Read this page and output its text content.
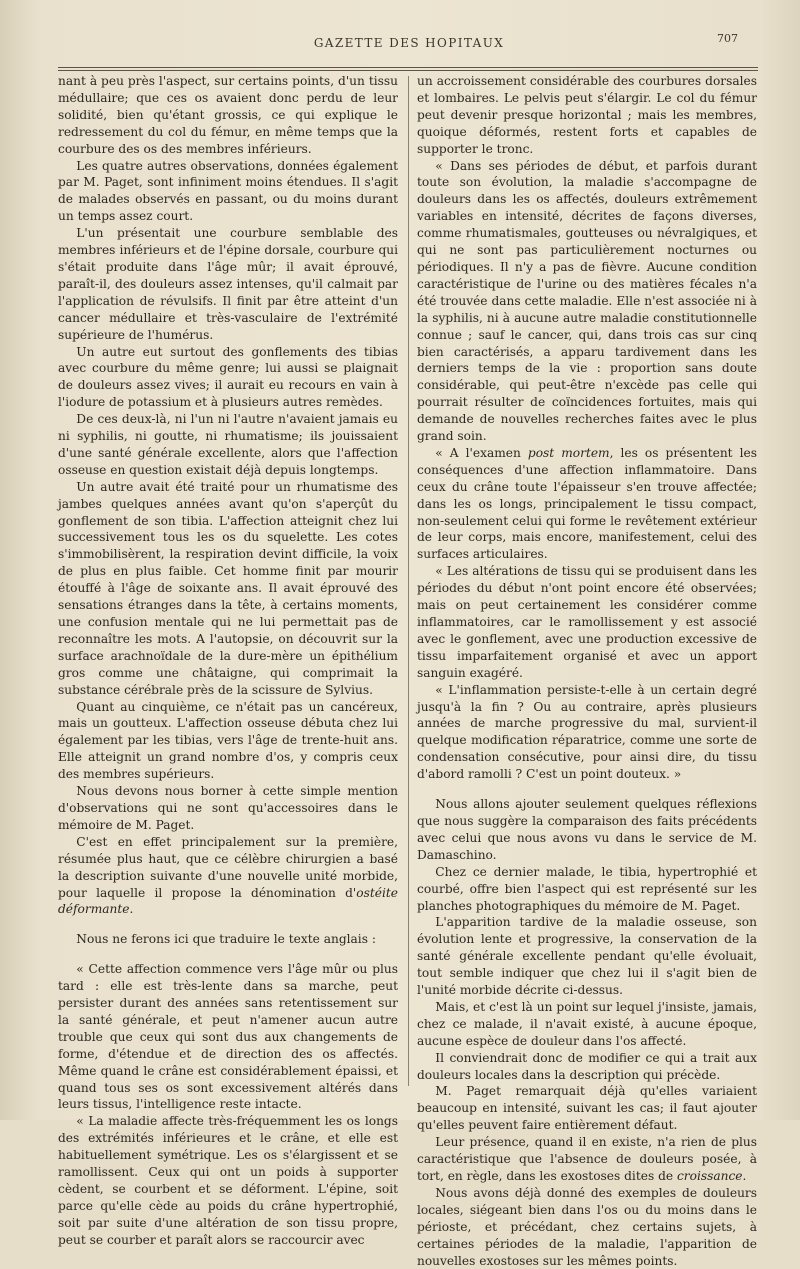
GAZETTE DES HOPITAUX	707

nant à peu près l'aspect, sur certains points, d'un tissu médullaire; que ces os avaient donc perdu de leur solidité, bien qu'étant grossis, ce qui explique le redressement du col du fémur, en même temps que la courbure des os des membres inférieurs.

Les quatre autres observations, données également par M. Paget, sont infiniment moins étendues. Il s'agit de malades observés en passant, ou du moins durant un temps assez court.

L'un présentait une courbure semblable des membres inférieurs et de l'épine dorsale, courbure qui s'était produite dans l'âge mûr; il avait éprouvé, paraît-il, des douleurs assez intenses, qu'il calmait par l'application de révulsifs. Il finit par être atteint d'un cancer médullaire et très-vasculaire de l'extrémité supérieure de l'humérus.

Un autre eut surtout des gonflements des tibias avec courbure du même genre; lui aussi se plaignait de douleurs assez vives; il aurait eu recours en vain à l'iodure de potassium et à plusieurs autres remèdes.

De ces deux-là, ni l'un ni l'autre n'avaient jamais eu ni syphilis, ni goutte, ni rhumatisme; ils jouissaient d'une santé générale excellente, alors que l'affection osseuse en question existait déjà depuis longtemps.

Un autre avait été traité pour un rhumatisme des jambes quelques années avant qu'on s'aperçût du gonflement de son tibia. L'affection atteignit chez lui successivement tous les os du squelette. Les cotes s'immobilisèrent, la respiration devint difficile, la voix de plus en plus faible. Cet homme finit par mourir étouffé à l'âge de soixante ans. Il avait éprouvé des sensations étranges dans la tête, à certains moments, une confusion mentale qui ne lui permettait pas de reconnaître les mots. A l'autopsie, on découvrit sur la surface arachnoïdale de la dure-mère un épithélium gros comme une châtaigne, qui comprimait la substance cérébrale près de la scissure de Sylvius.

Quant au cinquième, ce n'était pas un cancéreux, mais un goutteux. L'affection osseuse débuta chez lui également par les tibias, vers l'âge de trente-huit ans. Elle atteignit un grand nombre d'os, y compris ceux des membres supérieurs.

Nous devons nous borner à cette simple mention d'observations qui ne sont qu'accessoires dans le mémoire de M. Paget.

C'est en effet principalement sur la première, résumée plus haut, que ce célèbre chirurgien a basé la description suivante d'une nouvelle unité morbide, pour laquelle il propose la dénomination d'ostéite déformante.

Nous ne ferons ici que traduire le texte anglais :

« Cette affection commence vers l'âge mûr ou plus tard : elle est très-lente dans sa marche, peut persister durant des années sans retentissement sur la santé générale, et peut n'amener aucun autre trouble que ceux qui sont dus aux changements de forme, d'étendue et de direction des os affectés. Même quand le crâne est considérablement épaissi, et quand tous ses os sont excessivement altérés dans leurs tissus, l'intelligence reste intacte.

« La maladie affecte très-fréquemment les os longs des extrémités inférieures et le crâne, et elle est habituellement symétrique. Les os s'élargissent et se ramollissent. Ceux qui ont un poids à supporter cèdent, se courbent et se déforment. L'épine, soit parce qu'elle cède au poids du crâne hypertrophié, soit par suite d'une altération de son tissu propre, peut se courber et paraît alors se raccourcir avec

un accroissement considérable des courbures dorsales et lombaires. Le pelvis peut s'élargir. Le col du fémur peut devenir presque horizontal ; mais les membres, quoique déformés, restent forts et capables de supporter le tronc.

« Dans ses périodes de début, et parfois durant toute son évolution, la maladie s'accompagne de douleurs dans les os affectés, douleurs extrêmement variables en intensité, décrites de façons diverses, comme rhumatismales, goutteuses ou névralgiques, et qui ne sont pas particulièrement nocturnes ou périodiques. Il n'y a pas de fièvre. Aucune condition caractéristique de l'urine ou des matières fécales n'a été trouvée dans cette maladie. Elle n'est associée ni à la syphilis, ni à aucune autre maladie constitutionnelle connue ; sauf le cancer, qui, dans trois cas sur cinq bien caractérisés, a apparu tardivement dans les derniers temps de la vie : proportion sans doute considérable, qui peut-être n'excède pas celle qui pourrait résulter de coïncidences fortuites, mais qui demande de nouvelles recherches faites avec le plus grand soin.

« A l'examen post mortem, les os présentent les conséquences d'une affection inflammatoire. Dans ceux du crâne toute l'épaisseur s'en trouve affectée; dans les os longs, principalement le tissu compact, non-seulement celui qui forme le revêtement extérieur de leur corps, mais encore, manifestement, celui des surfaces articulaires.

« Les altérations de tissu qui se produisent dans les périodes du début n'ont point encore été observées; mais on peut certainement les considérer comme inflammatoires, car le ramollissement y est associé avec le gonflement, avec une production excessive de tissu imparfaitement organisé et avec un apport sanguin exagéré.

« L'inflammation persiste-t-elle à un certain degré jusqu'à la fin ? Ou au contraire, après plusieurs années de marche progressive du mal, survient-il quelque modification réparatrice, comme une sorte de condensation consécutive, pour ainsi dire, du tissu d'abord ramolli ? C'est un point douteux. »

Nous allons ajouter seulement quelques réflexions que nous suggère la comparaison des faits précédents avec celui que nous avons vu dans le service de M. Damaschino.

Chez ce dernier malade, le tibia, hypertrophié et courbé, offre bien l'aspect qui est représenté sur les planches photographiques du mémoire de M. Paget.

L'apparition tardive de la maladie osseuse, son évolution lente et progressive, la conservation de la santé générale excellente pendant qu'elle évoluait, tout semble indiquer que chez lui il s'agit bien de l'unité morbide décrite ci-dessus.

Mais, et c'est là un point sur lequel j'insiste, jamais, chez ce malade, il n'avait existé, à aucune époque, aucune espèce de douleur dans l'os affecté.

Il conviendrait donc de modifier ce qui a trait aux douleurs locales dans la description qui précède.

M. Paget remarquait déjà qu'elles variaient beaucoup en intensité, suivant les cas; il faut ajouter qu'elles peuvent faire entièrement défaut.

Leur présence, quand il en existe, n'a rien de plus caractéristique que l'absence de douleurs posée, à tort, en règle, dans les exostoses dites de croissance.

Nous avons déjà donné des exemples de douleurs locales, siégeant bien dans l'os ou du moins dans le périoste, et précédant, chez certains sujets, à certaines périodes de la maladie, l'apparition de nouvelles exostoses sur les mêmes points.
